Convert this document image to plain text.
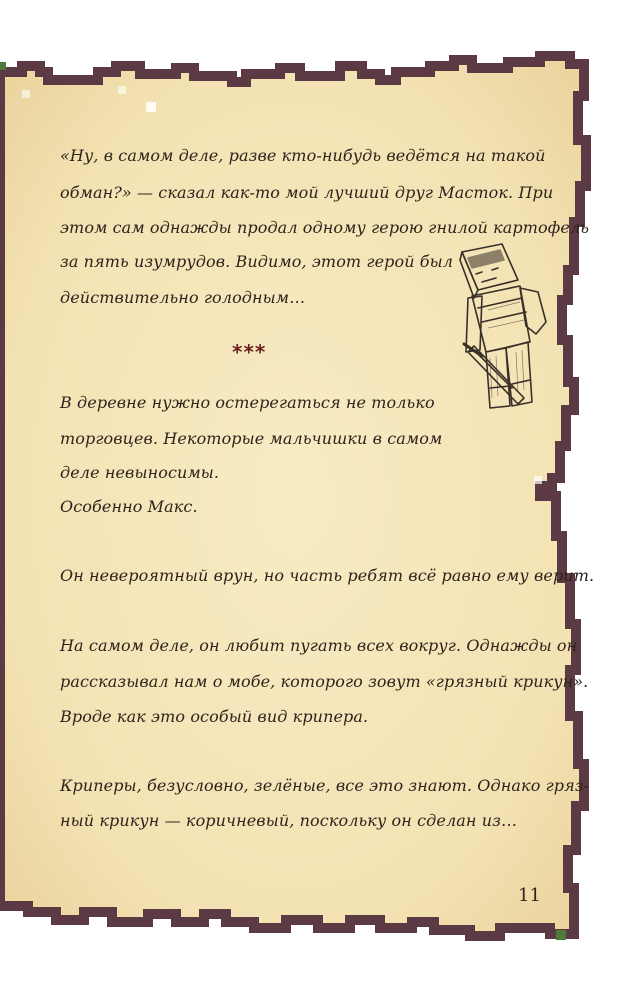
«Ну, в самом деле, разве кто-нибудь ведётся на такой
обман?» — сказал как-то мой лучший друг Масток. При
этом сам однажды продал одному герою гнилой картофель
за пять изумрудов. Видимо, этот герой был
действительно голодным…
***
В деревне нужно остерегаться не только
торговцев. Некоторые мальчишки в самом
деле невыносимы.
Особенно Макс.
Он невероятный врун, но часть ребят всё равно ему верит.
На самом деле, он любит пугать всех вокруг. Однажды он
рассказывал нам о мобе, которого зовут «грязный крикун».
Вроде как это особый вид крипера.
Криперы, безусловно, зелёные, все это знают. Однако гряз-
ный крикун — коричневый, поскольку он сделан из…
11
